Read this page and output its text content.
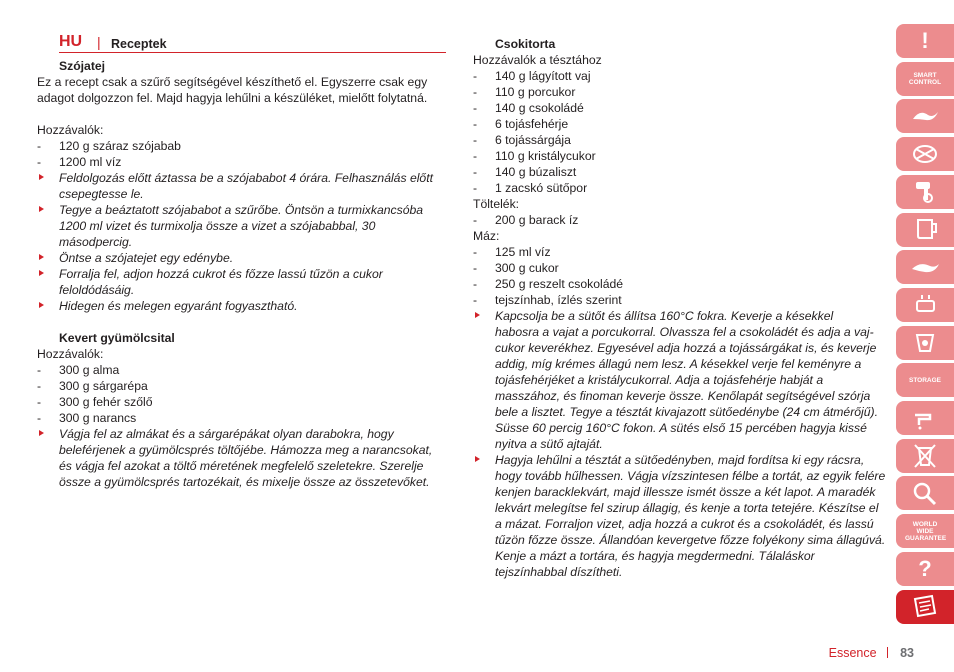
HU | Receptek
Szójatej
Ez a recept csak a szűrő segítségével készíthető el. Egyszerre csak egy
adagot dolgozzon fel. Majd hagyja lehűlni a készüléket, mielőtt folytatná.
Hozzávalók:
- 120 g száraz szójabab
- 1200 ml víz
Feldolgozás előtt áztassa be a szójababot 4 órára. Felhasználás előtt
csepegtesse le.
Tegye a beáztatott szójababot a szűrőbe. Öntsön a turmixkancsóba
1200 ml vizet és turmixolja össze a vizet a szójababbal, 30
másodpercig.
Öntse a szójatejet egy edénybe.
Forralja fel, adjon hozzá cukrot és főzze lassú tűzön a cukor
feloldódásáig.
Hidegen és melegen egyaránt fogyasztható.
Kevert gyümölcsital
Hozzávalók:
- 300 g alma
- 300 g sárgarépa
- 300 g fehér szőlő
- 300 g narancs
Vágja fel az almákat és a sárgarépákat olyan darabokra, hogy
beleférjenek a gyümölcsprés töltőjébe. Hámozza meg a narancsokat,
és vágja fel azokat a töltő méretének megfelelő szeletekre. Szerelje
össze a gyümölcsprés tartozékait, és mixelje össze az összetevőket.
Csokitorta
Hozzávalók a tésztához
- 140 g lágyított vaj
- 110 g porcukor
- 140 g csokoládé
- 6 tojásfehérje
- 6 tojássárgája
- 110 g kristálycukor
- 140 g búzaliszt
- 1 zacskó sütőpor
Töltelék:
- 200 g barack íz
Máz:
- 125 ml víz
- 300 g cukor
- 250 g reszelt csokoládé
- tejszínhab, ízlés szerint
Kapcsolja be a sütőt és állítsa 160°C fokra. Keverje a késekkel
habosra a vajat a porcukorral. Olvassza fel a csokoládét és adja a vaj-
cukor keverékhez. Egyesével adja hozzá a tojássárgákat is, és keverje
addig, míg krémes állagú nem lesz. A késekkel verje fel keményre a
tojásfehérjéket a kristálycukorral. Adja a tojásfehérje habját a
masszához, és finoman keverje össze. Kenőlapát segítségével szórja
bele a lisztet. Tegye a tésztát kivajazott sütőedénybe (24 cm átmérőjű).
Süsse 60 percig 160°C fokon. A sütés első 15 percében hagyja kissé
nyitva a sütő ajtaját.
Hagyja lehűlni a tésztát a sütőedényben, majd fordítsa ki egy rácsra,
hogy tovább hűlhessen. Vágja vízszintesen félbe a tortát, az egyik felére
kenjen baracklekvárt, majd illessze ismét össze a két lapot. A maradék
lekvárt melegítse fel szirup állagig, és kenje a torta tetejére. Készítse el
a mázat. Forraljon vizet, adja hozzá a cukrot és a csokoládét, és lassú
tűzön főzze össze. Állandóan kevergetve főzze folyékony sima állagúvá.
Kenje a mázt a tortára, és hagyja megdermedni. Tálaláskor
tejszínhabbal díszítheti.
!
SMART CONTROL
STORAGE
WORLD WIDE GUARANTEE
?
Essence 83
